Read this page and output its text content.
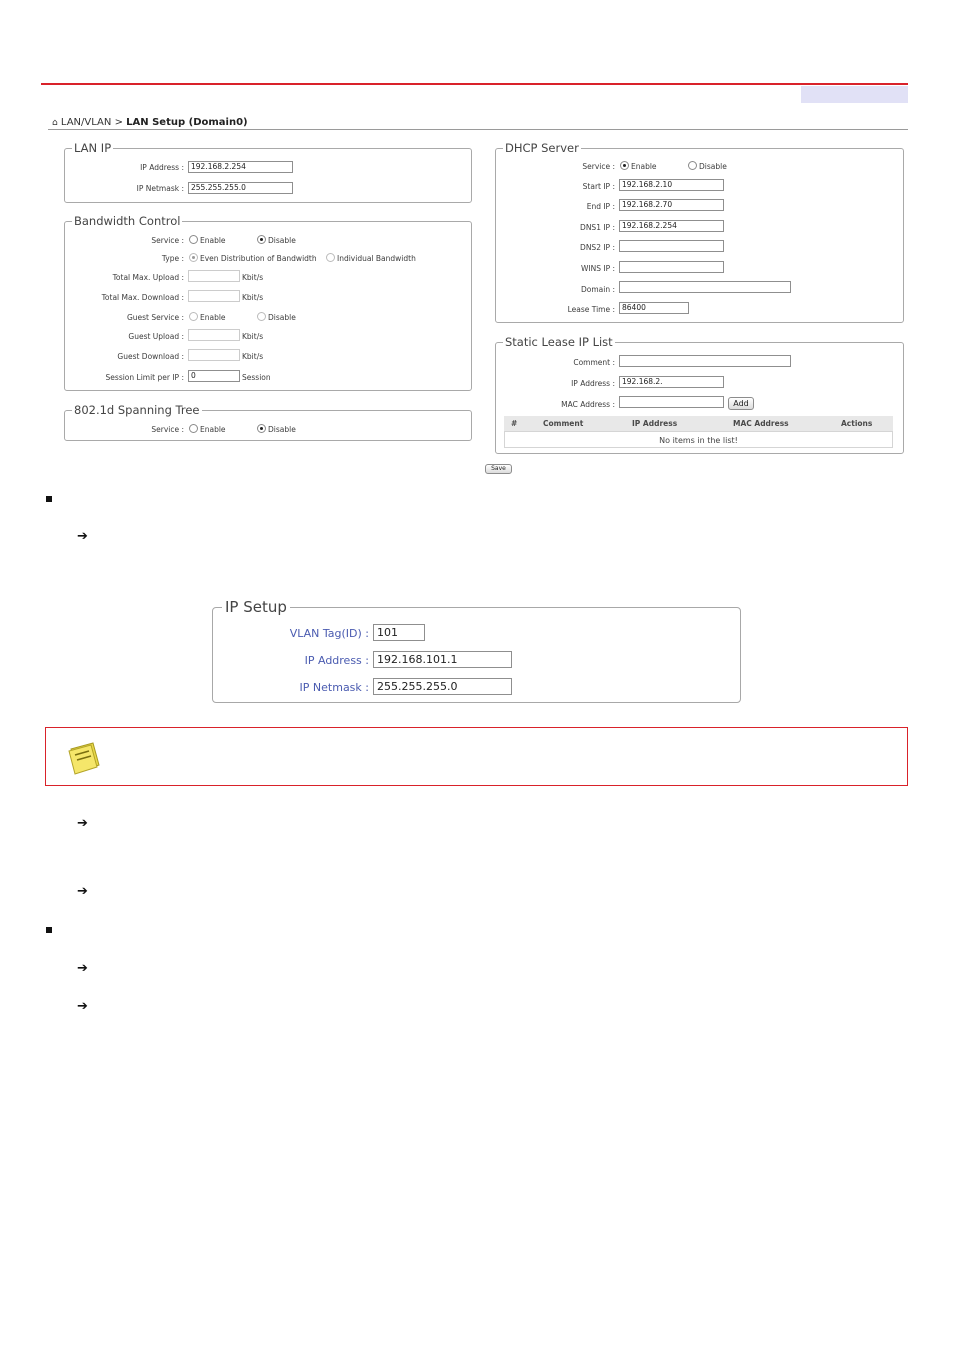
⌂ LAN/VLAN > LAN Setup (Domain0)
LAN IP
IP Address : 192.168.2.254
IP Netmask : 255.255.255.0
Bandwidth Control
Service : Enable	Disable
Type : Even Distribution of Bandwidth	Individual Bandwidth
Total Max. Upload :	Kbit/s
Total Max. Download :	Kbit/s
Guest Service : Enable	Disable
Guest Upload :	Kbit/s
Guest Download :	Kbit/s
Session Limit per IP : 0	Session
802.1d Spanning Tree
Service : Enable	Disable
DHCP Server
Service : Enable	Disable
Start IP : 192.168.2.10
End IP : 192.168.2.70
DNS1 IP : 192.168.2.254
DNS2 IP :
WINS IP :
Domain :
Lease Time : 86400
Static Lease IP List
Comment :
IP Address : 192.168.2.
MAC Address :	Add
#	Comment	IP Address	MAC Address	Actions
No items in the list!
Save
➔
IP Setup
VLAN Tag(ID) : 101
IP Address : 192.168.101.1
IP Netmask : 255.255.255.0
➔
➔
➔
➔
